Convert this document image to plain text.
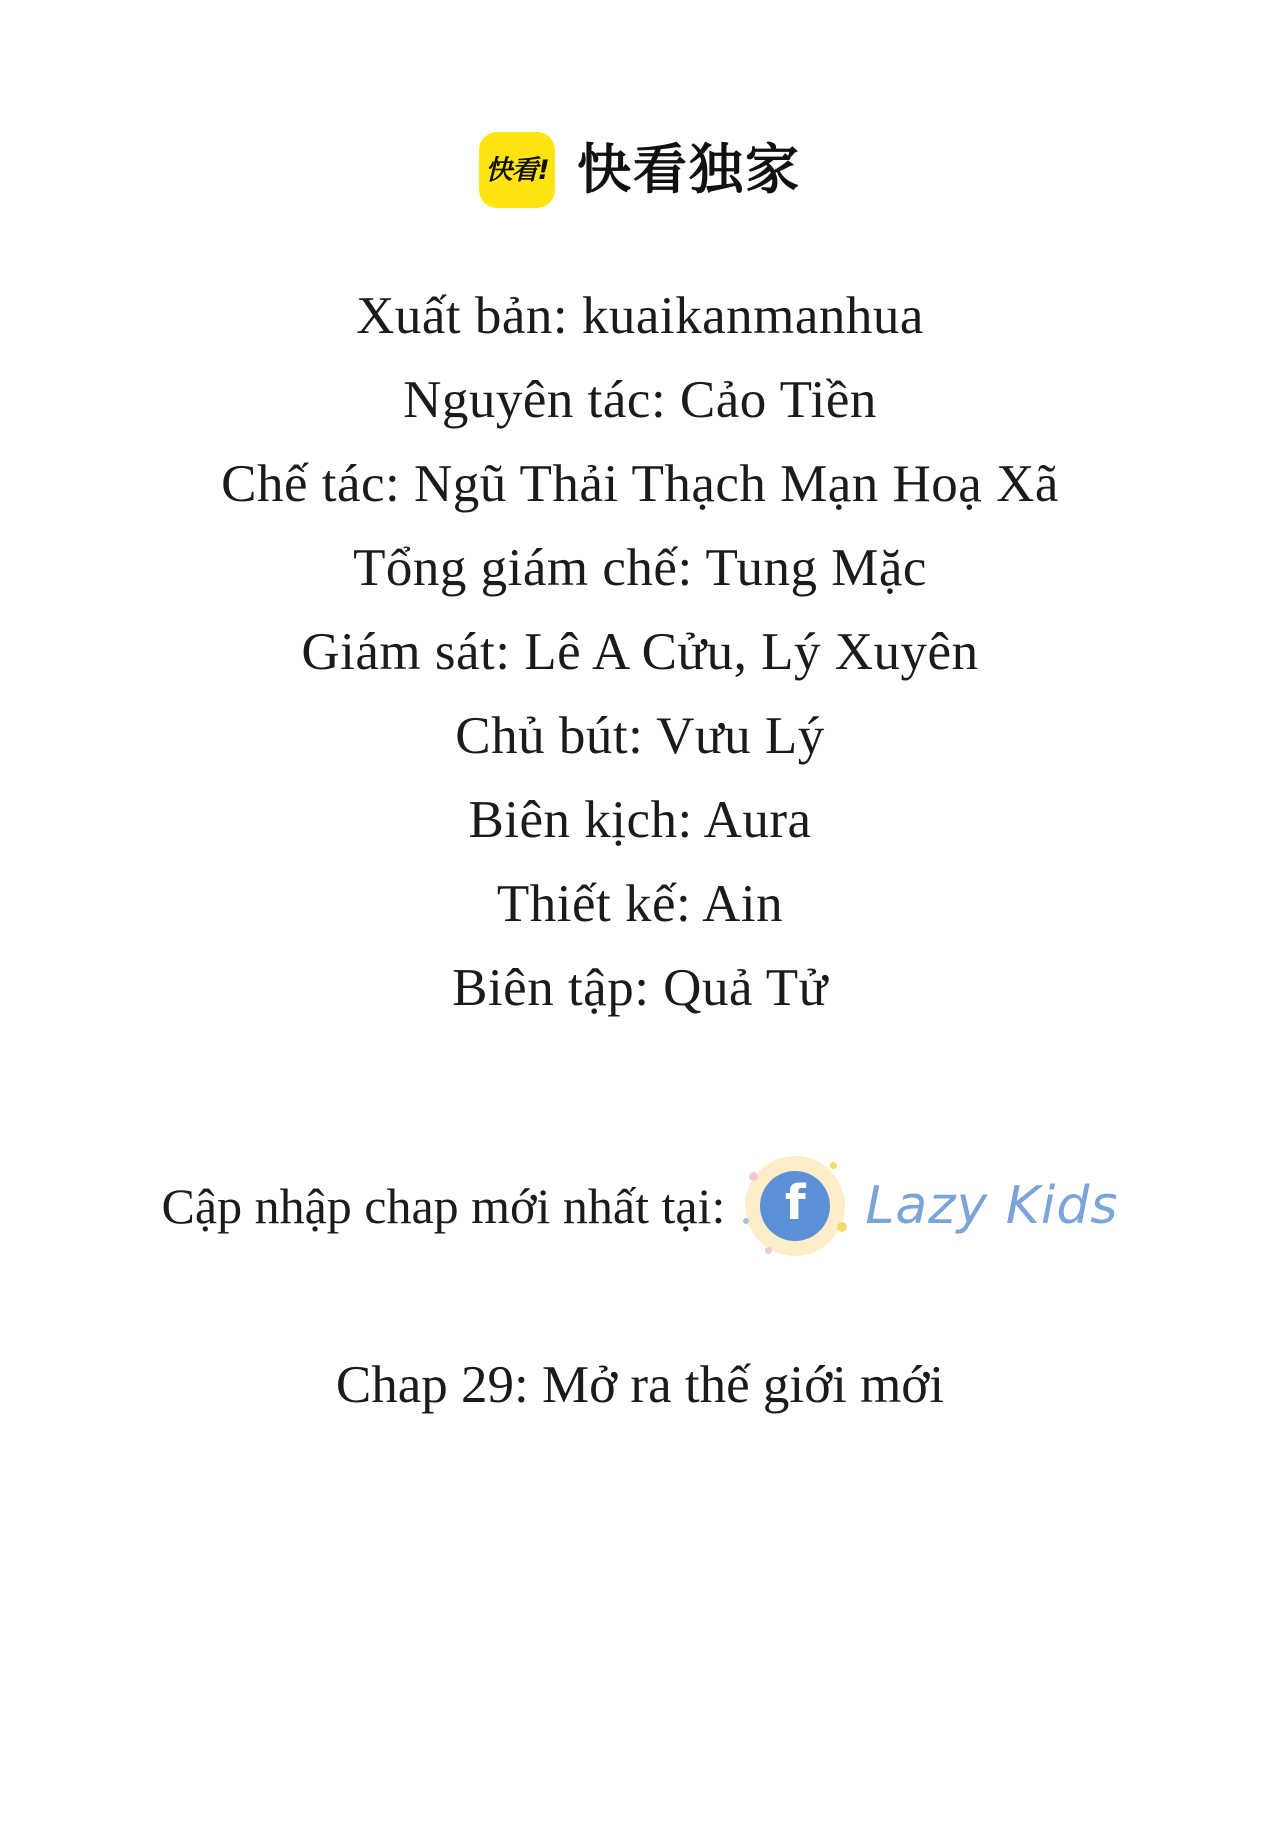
快看! 快看独家
Xuất bản: kuaikanmanhua
Nguyên tác: Cảo Tiền
Chế tác: Ngũ Thải Thạch Mạn Hoạ Xã
Tổng giám chế: Tung Mặc
Giám sát: Lê A Cửu, Lý Xuyên
Chủ bút: Vưu Lý
Biên kịch: Aura
Thiết kế: Ain
Biên tập: Quả Tử
Cập nhập chap mới nhất tại: f Lazy Kids
Chap 29: Mở ra thế giới mới
